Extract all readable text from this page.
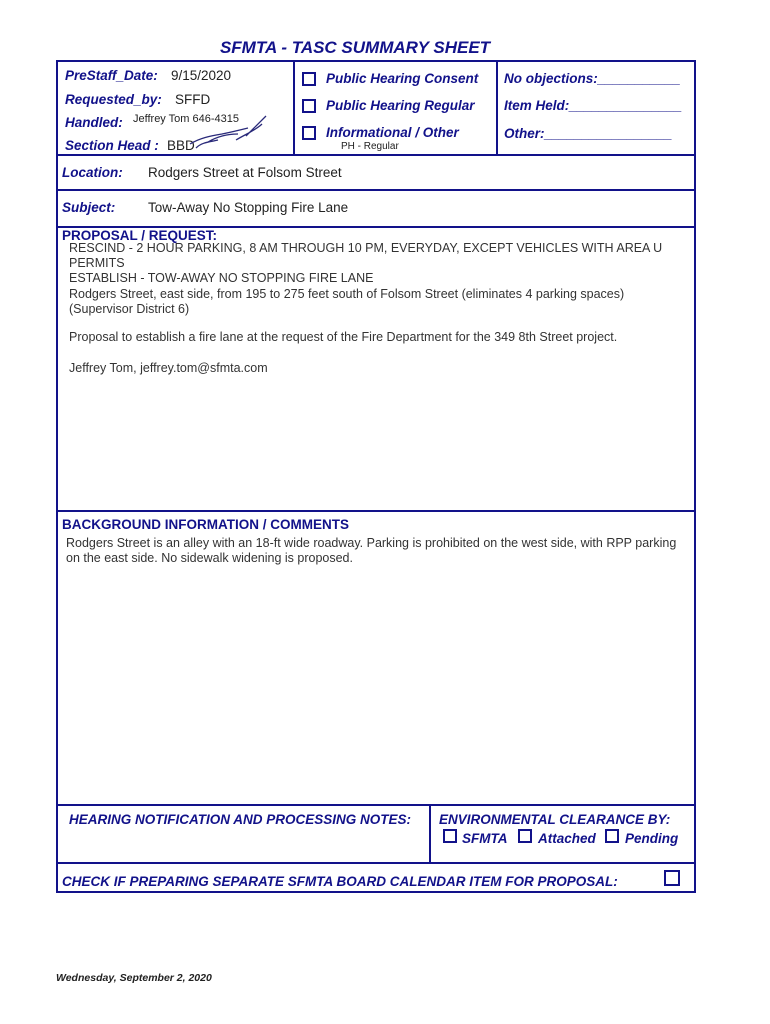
SFMTA - TASC SUMMARY SHEET
PreStaff_Date: 9/15/2020
Requested_by: SFFD
Handled: Jeffrey Tom 646-4315
Section Head : BBD
Public Hearing Consent
Public Hearing Regular
Informational / Other
PH - Regular
No objections:___________
Item Held:_______________
Other:_________________
Location: Rodgers Street at Folsom Street
Subject: Tow-Away No Stopping Fire Lane
PROPOSAL / REQUEST:
RESCIND - 2 HOUR PARKING, 8 AM THROUGH 10 PM, EVERYDAY, EXCEPT VEHICLES WITH AREA U
PERMITS
ESTABLISH - TOW-AWAY NO STOPPING FIRE LANE
Rodgers Street, east side, from 195 to 275 feet south of Folsom Street (eliminates 4 parking spaces)
(Supervisor District 6)
Proposal to establish a fire lane at the request of the Fire Department for the 349 8th Street project.
Jeffrey Tom, jeffrey.tom@sfmta.com
BACKGROUND INFORMATION / COMMENTS
Rodgers Street is an alley with an 18-ft wide roadway. Parking is prohibited on the west side, with RPP parking
on the east side. No sidewalk widening is proposed.
HEARING NOTIFICATION AND PROCESSING NOTES: ENVIRONMENTAL CLEARANCE BY:
SFMTA Attached Pending
CHECK IF PREPARING SEPARATE SFMTA BOARD CALENDAR ITEM FOR PROPOSAL:
Wednesday, September 2, 2020
